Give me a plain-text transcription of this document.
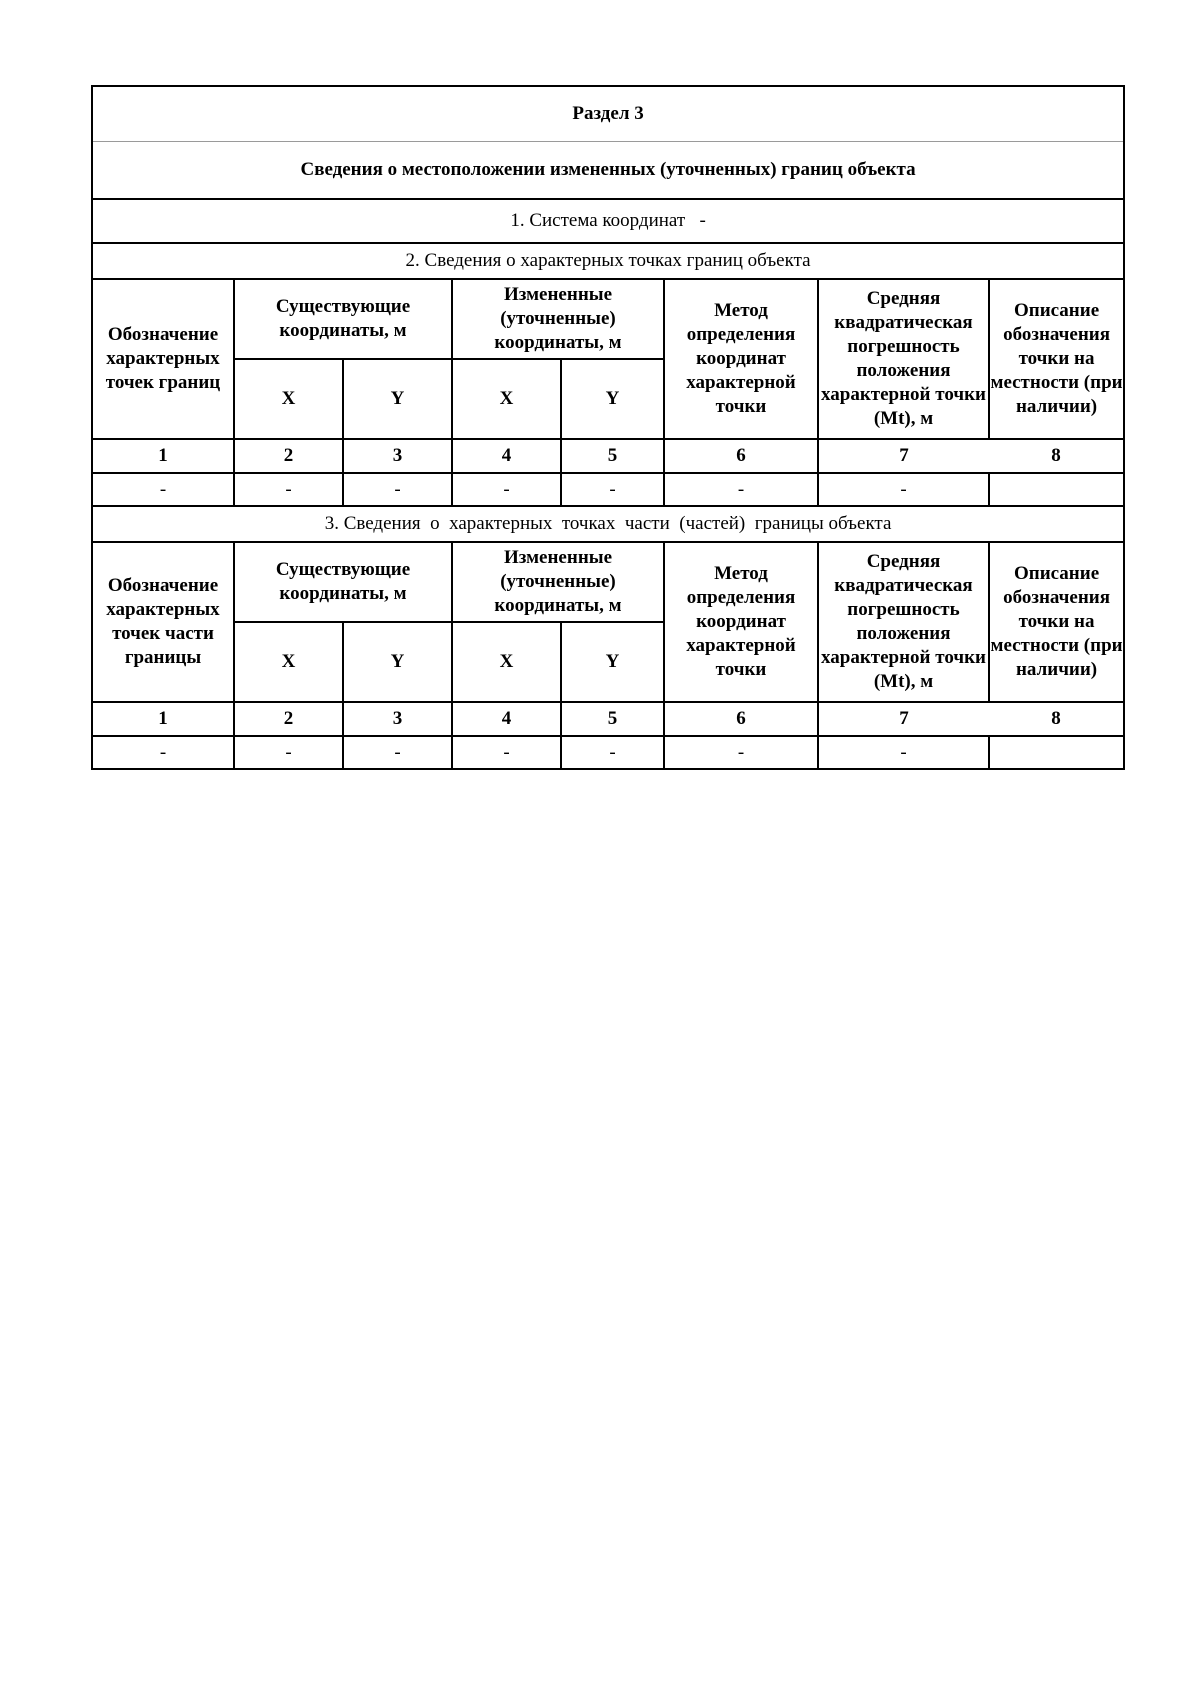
Раздел 3							
Сведения о местоположении измененных (уточненных) границ объекта							
1. Система координат -							
2. Сведения о характерных точках границ объекта							
Обозначение характерных точек границ	Существующие координаты, м		Измененные (уточненные) координаты, м		Метод определения координат характерной точки	Средняя квадратическая погрешность положения характерной точки (Mt), м	Описание обозначения точки на местности (при наличии)
	X	Y	X	Y			
1	2	3	4	5	6	7	8
-	-	-	-	-	-	-	
3. Сведения  о  характерных  точках  части  (частей)  границы объекта							
Обозначение характерных точек части границы	Существующие координаты, м		Измененные (уточненные) координаты, м		Метод определения координат характерной точки	Средняя квадратическая погрешность положения характерной точки (Mt), м	Описание обозначения точки на местности (при наличии)
	X	Y	X	Y			
1	2	3	4	5	6	7	8
-	-	-	-	-	-	-	
